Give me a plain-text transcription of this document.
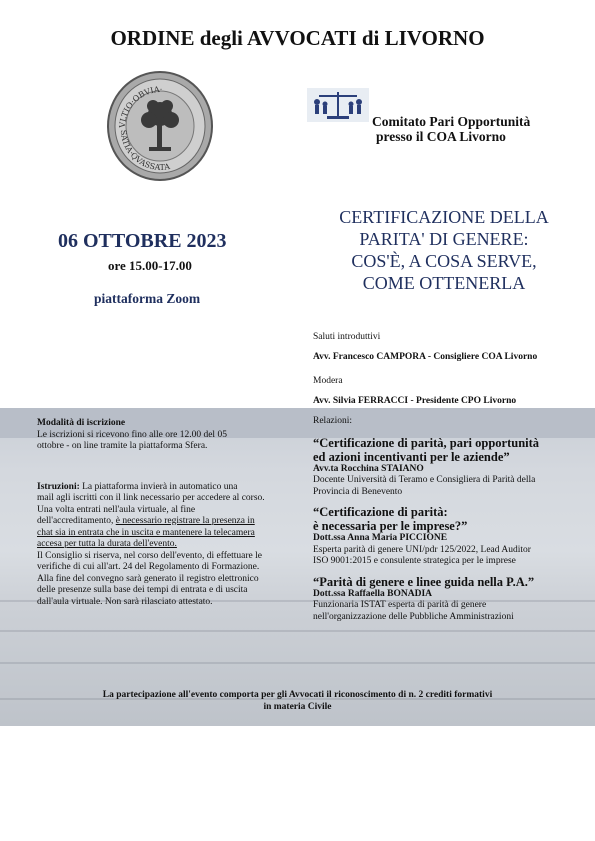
ORDINE degli AVVOCATI di LIVORNO
VLTIO·OBVIA·
SATIA·QVASSATA
Comitato Pari Opportunità
presso il COA Livorno
06 OTTOBRE 2023
ore 15.00-17.00
piattaforma Zoom
CERTIFICAZIONE DELLA
PARITA' DI GENERE:
COS'È, A COSA SERVE,
COME OTTENERLA
Saluti introduttivi
Avv. Francesco CAMPORA - Consigliere COA Livorno
Modera
Avv. Silvia FERRACCI - Presidente CPO Livorno
Relazioni:
“Certificazione di parità, pari opportunità
ed azioni incentivanti per le aziende”
Avv.ta Rocchina STAIANO
Docente Università di Teramo e Consigliera di Parità della
Provincia di Benevento
“Certificazione di parità:
è necessaria per le imprese?”
Dott.ssa Anna Maria PICCIONE
Esperta parità di genere UNI/pdr 125/2022, Lead Auditor
ISO 9001:2015 e consulente strategica per le imprese
“Parità di genere e linee guida nella P.A.”
Dott.ssa Raffaella BONADIA
Funzionaria ISTAT esperta di parità di genere
nell'organizzazione delle Pubbliche Amministrazioni
Modalità di iscrizione
Le iscrizioni si ricevono fino alle ore 12.00 del 05
ottobre - on line tramite la piattaforma Sfera.
Istruzioni: La piattaforma invierà in automatico una
mail agli iscritti con il link necessario per accedere al corso.
Una volta entrati nell'aula virtuale, al fine
dell'accreditamento, è necessario registrare la presenza in
chat sia in entrata che in uscita e mantenere la telecamera
accesa per tutta la durata dell'evento.
Il Consiglio si riserva, nel corso dell'evento, di effettuare le
verifiche di cui all'art. 24 del Regolamento di Formazione.
Alla fine del convegno sarà generato il registro elettronico
delle presenze sulla base dei tempi di entrata e di uscita
dall'aula virtuale. Non sarà rilasciato attestato.
La partecipazione all'evento comporta per gli Avvocati il riconoscimento di n. 2 crediti formativi
in materia Civile
